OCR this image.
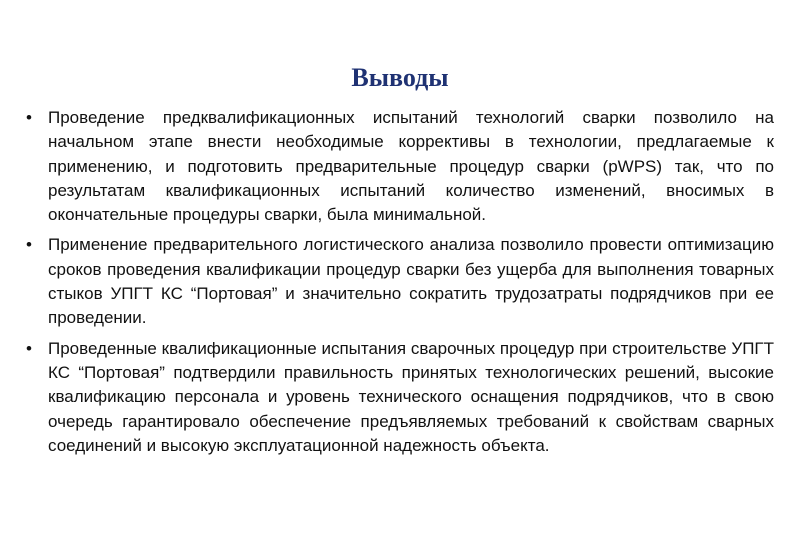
Выводы
• Проведение предквалификационных испытаний технологий сварки позволило на начальном этапе внести необходимые коррективы в технологии, предлагаемые к применению, и подготовить предварительные процедур сварки (pWPS) так, что по результатам квалификационных испытаний количество изменений, вносимых в окончательные процедуры сварки, была минимальной.
• Применение предварительного логистического анализа позволило провести оптимизацию сроков проведения квалификации процедур сварки без ущерба для выполнения товарных стыков УПГТ КС “Портовая” и значительно сократить трудозатраты подрядчиков при ее проведении.
• Проведенные квалификационные испытания сварочных процедур при строительстве УПГТ КС “Портовая” подтвердили правильность принятых технологических решений, высокие квалификацию персонала и уровень технического оснащения подрядчиков, что в свою очередь гарантировало обеспечение предъявляемых требований к свойствам сварных соединений и высокую эксплуатационной надежность объекта.
